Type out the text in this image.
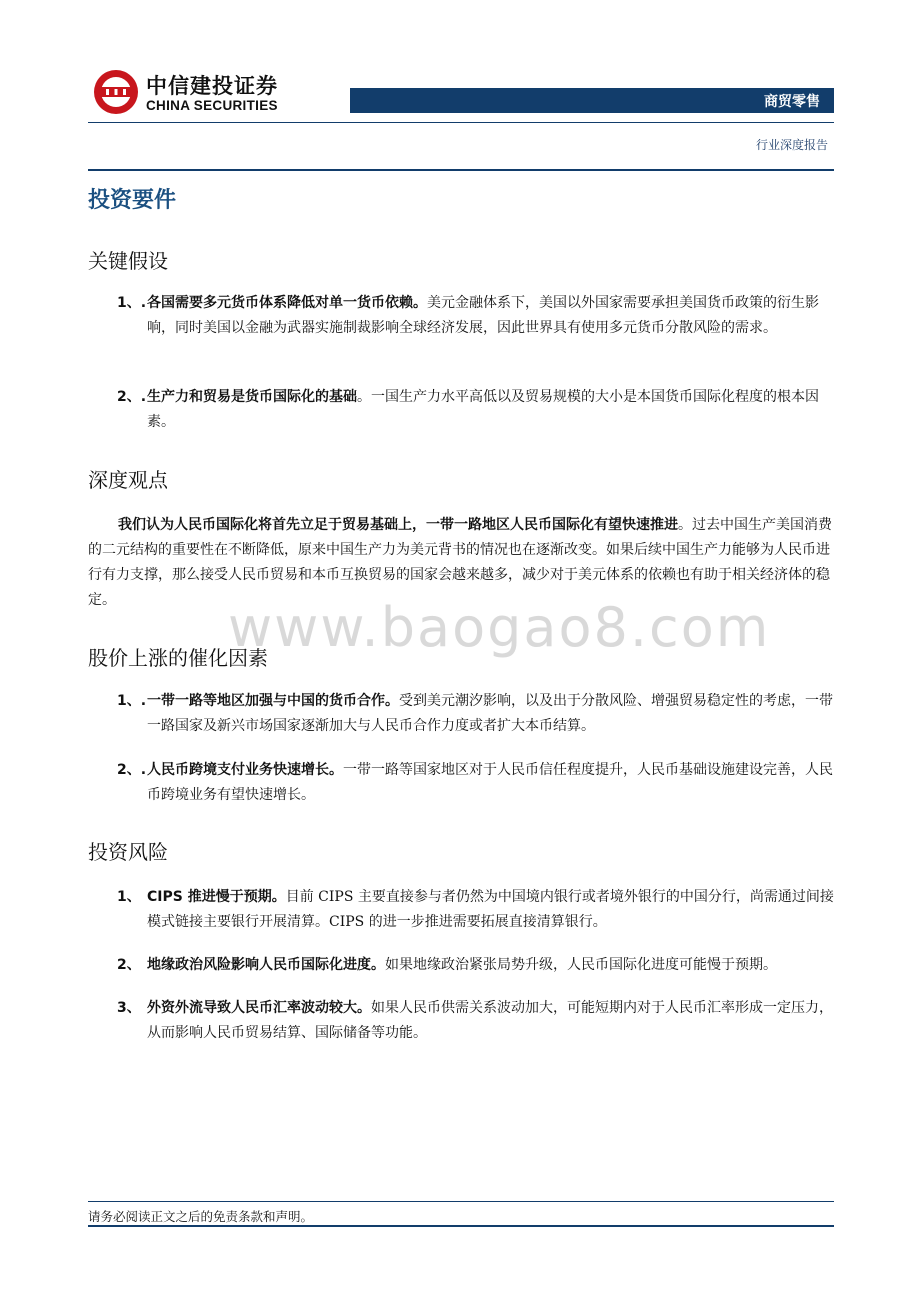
中信建投证券
CHINA SECURITIES	商贸零售
行业深度报告
投资要件
关键假设
1、. 各国需要多元货币体系降低对单一货币依赖。美元金融体系下，美国以外国家需要承担美国货币政策的衍生影响，同时美国以金融为武器实施制裁影响全球经济发展，因此世界具有使用多元货币分散风险的需求。
2、. 生产力和贸易是货币国际化的基础。一国生产力水平高低以及贸易规模的大小是本国货币国际化程度的根本因素。
深度观点
我们认为人民币国际化将首先立足于贸易基础上，一带一路地区人民币国际化有望快速推进。过去中国生产美国消费的二元结构的重要性在不断降低，原来中国生产力为美元背书的情况也在逐渐改变。如果后续中国生产力能够为人民币进行有力支撑，那么接受人民币贸易和本币互换贸易的国家会越来越多，减少对于美元体系的依赖也有助于相关经济体的稳定。	www.baogao8.com
股价上涨的催化因素
1、. 一带一路等地区加强与中国的货币合作。受到美元潮汐影响，以及出于分散风险、增强贸易稳定性的考虑，一带一路国家及新兴市场国家逐渐加大与人民币合作力度或者扩大本币结算。
2、. 人民币跨境支付业务快速增长。一带一路等国家地区对于人民币信任程度提升，人民币基础设施建设完善，人民币跨境业务有望快速增长。
投资风险
1、 CIPS 推进慢于预期。目前 CIPS 主要直接参与者仍然为中国境内银行或者境外银行的中国分行，尚需通过间接模式链接主要银行开展清算。CIPS 的进一步推进需要拓展直接清算银行。
2、 地缘政治风险影响人民币国际化进度。如果地缘政治紧张局势升级，人民币国际化进度可能慢于预期。
3、 外资外流导致人民币汇率波动较大。如果人民币供需关系波动加大，可能短期内对于人民币汇率形成一定压力，从而影响人民币贸易结算、国际储备等功能。
请务必阅读正文之后的免责条款和声明。
